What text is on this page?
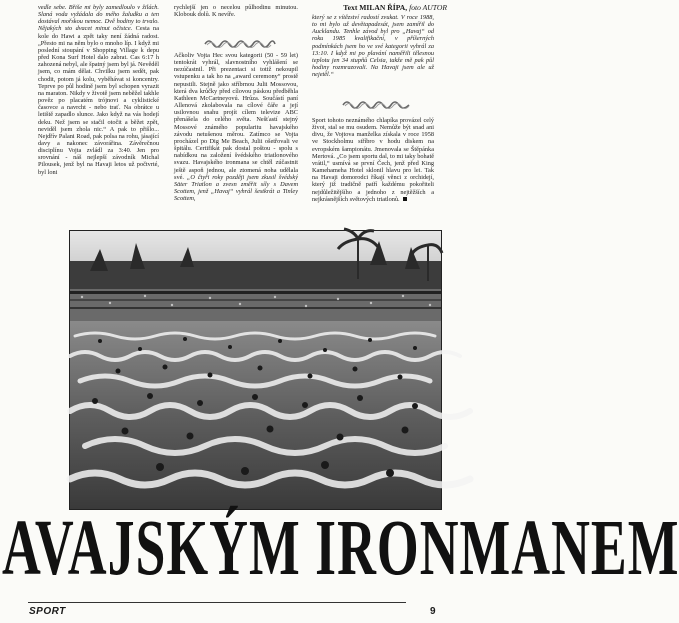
Text MILAN ŘÍPA, foto AUTOR

vedle sebe. Břiše mi byly zamedloulo v žilách. Slaná voda vyžádala do mého žaludku a ten dostával mořskou nemoc. Dvě hodiny to trvalo. Nějakých sto dvacet minut očistce. Cesta na kole do Hawi a zpět taky není žádná radost. „Přesto mi na něm bylo o mnoho líp. I když mi poslední stoupání v Shopping Village k depu před Kona Surf Hotel dalo zabrat. Cas 6:17 h zahozená nebyl, ale špatný jsem byl já. Nevěděl jsem, co mám dělat. Chvilku jsem sedět, pak chodit, potom já kolu, vyběhávat si koncentry. Teprve po půl hodině jsem byl schopen vyrazit na maraton. Nikdy v životě jsem neběžel takhle pověz po placatém trójnovi a cyklistické časovce a navrcht - nebo trať. Na obrátce u letiště zapadlo slunce. Jako když na vás hodejí deku. Než jsem se stačil otočit a běžet zpět, neviděl jsem zhola nic.“ A pak to přišlo... Nejdřív Palani Road, pak polsa na rohu, jásající davy a nakonec závorářina. Závěrečnou disciplínu Vojta zvládl za 3:40. Jen pro srovnání - náš nejlepší závodník Michal Pilousek, jenž byl na Havaji letos už počtvrté, byl loni

rychlejší jen o necelou půlhodinu minutou. Klobouk dolů. K nevíře.

Ačkoliv Vojta Hec svou kategorii (50 - 59 let) tentokrát vyhrál, slavnostního vyhlášení se nezúčastnil. Při prezentaci si totiž nekoupil vstupenku a tak ho na „award ceremony“ prostě nepustili. Stejně jako stříbrnou Julii Mossovou, která dva krůčky před cílovou páskou předběhla Kathleen McCartneyovú. Hrůza. Součástí paní Allenová zkolabovala na cílové čáře a její usilovnou snahu projít cílem televize ABC přenášela do celého světa. Nešťastí stejný Mossové známého popularitu havajského závodu netušenou měrou. Zatímco se Vojta procházel po Dig Me Beach, Julii ošetřovali ve špitálu. Certifikát pak dostal poštou - spolu s nabídkou na založení švédského triatlonového svazu. Havajského ironmana se chtěl zúčastnit ještě aspoň jednou, ale ztomená noha udělala své. „O čtyři roky později jsem zkusil švédský Säter Triatlon a zvesn změřit síly s Davem Scottem, jenž „Havaj“ vyhrál šestkrát a Tinley Scottem,

který se z vítězství radostí zvukat. V roce 1988, to mi bylo už devětapadesát, jsem zamířil do Aucklandu. Tenhle závod byl pro „Havaj“ od roku 1985 kvalifikační, v příšerných podmínkách jsem ho ve své kategorii vyhrál za 13:10. I když mi po plavání naměřili tělesnou teplotu jen 34 stupňů Celsia, takže mě pak půl hodiny rozmrazovali. Na Havaji jsem ale už nejetěl.“

Sport tohoto neznámého chlapíka provázel celý život, stal se mu osudem. Nemůže být snad ani divu, že Vojtova manželka získala v roce 1958 ve Stockholmu stříbro v hodu diskem na evropském šampionátu. Jmenovala se Štěpánka Mertová. „Co jsem sportu dal, to mi taky bohatě vrátil,“ usmívá se první Čech, jenž před King Kamehameha Hotel sklonil hlavu pro lei. Tak na Havaji domorodci říkají věnci z orchidejí, který již tradičně patří každému pokořiteli nejdůležitějšího a jednoho z nejtěžších a nejkrásnějších světových triatlonů.

AVAJSKÝM IRONMANEM
SPORT	9
